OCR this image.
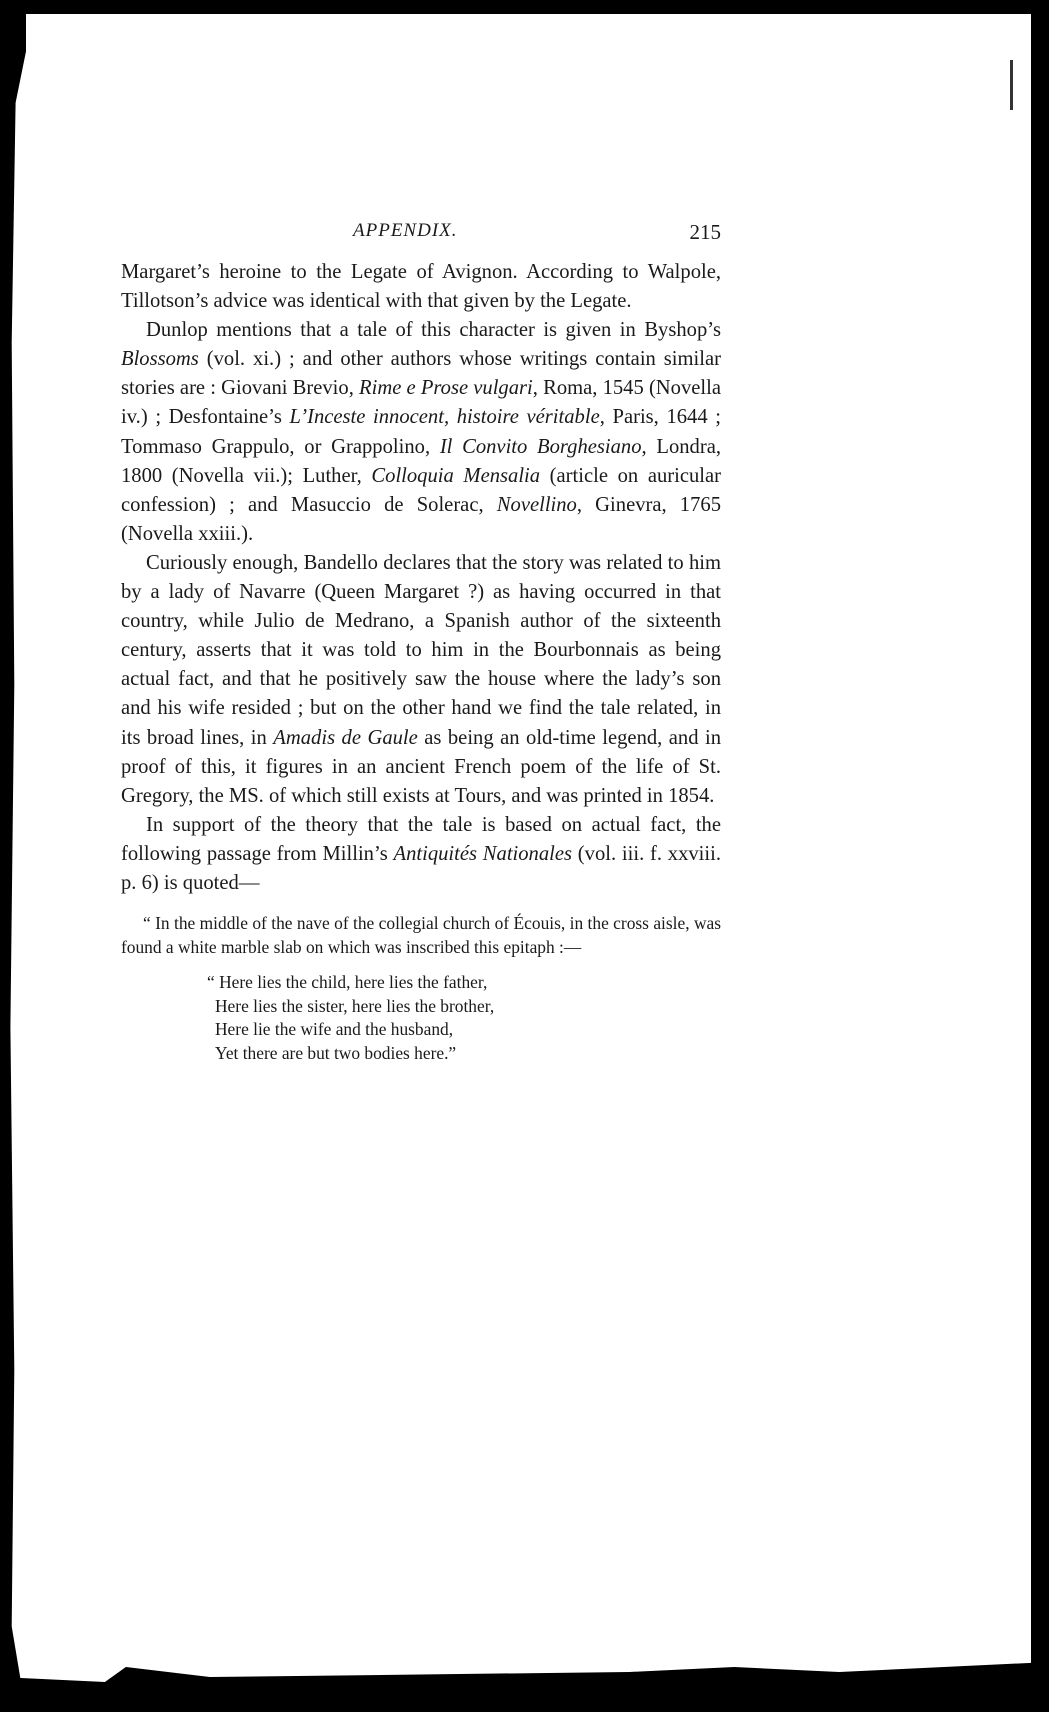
APPENDIX.	215

Margaret’s heroine to the Legate of Avignon. According to Walpole, Tillotson’s advice was identical with that given by the Legate.

Dunlop mentions that a tale of this character is given in Byshop’s Blossoms (vol. xi.) ; and other authors whose writings contain similar stories are : Giovani Brevio, Rime e Prose vulgari, Roma, 1545 (Novella iv.) ; Desfontaine’s L’Inceste innocent, histoire véritable, Paris, 1644 ; Tommaso Grappulo, or Grappolino, Il Convito Borghesiano, Londra, 1800 (Novella vii.); Luther, Colloquia Mensalia (article on auricular confession) ; and Masuccio de Solerac, Novellino, Ginevra, 1765 (Novella xxiii.).

Curiously enough, Bandello declares that the story was related to him by a lady of Navarre (Queen Margaret ?) as having occurred in that country, while Julio de Medrano, a Spanish author of the sixteenth century, asserts that it was told to him in the Bourbonnais as being actual fact, and that he positively saw the house where the lady’s son and his wife resided ; but on the other hand we find the tale related, in its broad lines, in Amadis de Gaule as being an old-time legend, and in proof of this, it figures in an ancient French poem of the life of St. Gregory, the MS. of which still exists at Tours, and was printed in 1854.

In support of the theory that the tale is based on actual fact, the following passage from Millin’s Antiquités Nationales (vol. iii. f. xxviii. p. 6) is quoted—

“ In the middle of the nave of the collegial church of Écouis, in the cross aisle, was found a white marble slab on which was inscribed this epitaph :—
“ Here lies the child, here lies the father,
Here lies the sister, here lies the brother,
Here lie the wife and the husband,
Yet there are but two bodies here.”
